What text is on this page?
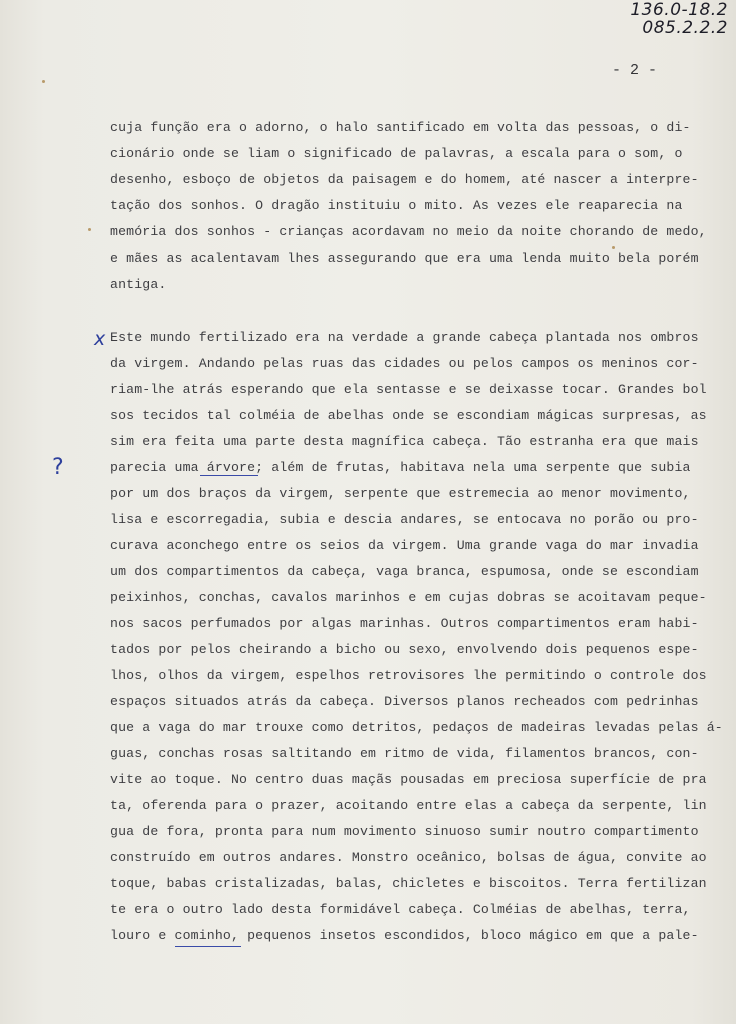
136.0-18.2
085.2.2.2
- 2 -
cuja função era o adorno, o halo santificado em volta das pessoas, o di-
cionário onde se liam o significado de palavras, a escala para o som, o
desenho, esboço de objetos da paisagem e do homem, até nascer a interpre-
tação dos sonhos. O dragão instituiu o mito. As vezes ele reaparecia na
memória dos sonhos - crianças acordavam no meio da noite chorando de medo,
e mães as acalentavam lhes assegurando que era uma lenda muito bela porém
antiga.
x
?
Este mundo fertilizado era na verdade a grande cabeça plantada nos ombros
da virgem. Andando pelas ruas das cidades ou pelos campos os meninos cor-
riam-lhe atrás esperando que ela sentasse e se deixasse tocar. Grandes bol
sos tecidos tal colméia de abelhas onde se escondiam mágicas surpresas, as
sim era feita uma parte desta magnífica cabeça. Tão estranha era que mais
parecia uma árvore; além de frutas, habitava nela uma serpente que subia
por um dos braços da virgem, serpente que estremecia ao menor movimento,
lisa e escorregadia, subia e descia andares, se entocava no porão ou pro-
curava aconchego entre os seios da virgem. Uma grande vaga do mar invadia
um dos compartimentos da cabeça, vaga branca, espumosa, onde se escondiam
peixinhos, conchas, cavalos marinhos e em cujas dobras se acoitavam peque-
nos sacos perfumados por algas marinhas. Outros compartimentos eram habi-
tados por pelos cheirando a bicho ou sexo, envolvendo dois pequenos espe-
lhos, olhos da virgem, espelhos retrovisores lhe permitindo o controle dos
espaços situados atrás da cabeça. Diversos planos recheados com pedrinhas
que a vaga do mar trouxe como detritos, pedaços de madeiras levadas pelas á-
guas, conchas rosas saltitando em ritmo de vida, filamentos brancos, con-
vite ao toque. No centro duas maçãs pousadas em preciosa superfície de pra
ta, oferenda para o prazer, acoitando entre elas a cabeça da serpente, lin
gua de fora, pronta para num movimento sinuoso sumir noutro compartimento
construído em outros andares. Monstro oceânico, bolsas de água, convite ao
toque, babas cristalizadas, balas, chicletes e biscoitos. Terra fertilizan
te era o outro lado desta formidável cabeça. Colméias de abelhas, terra,
louro e cominho, pequenos insetos escondidos, bloco mágico em que a pale-
